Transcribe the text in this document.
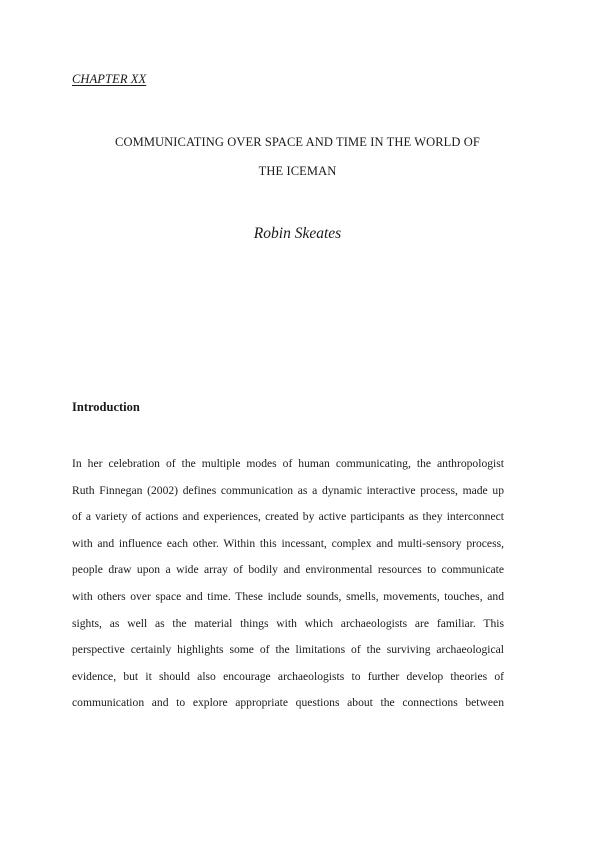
CHAPTER XX
COMMUNICATING OVER SPACE AND TIME IN THE WORLD OF
THE ICEMAN
Robin Skeates
Introduction
In her celebration of the multiple modes of human communicating, the anthropologist
Ruth Finnegan (2002) defines communication as a dynamic interactive process, made up
of a variety of actions and experiences, created by active participants as they interconnect
with and influence each other. Within this incessant, complex and multi-sensory process,
people draw upon a wide array of bodily and environmental resources to communicate
with others over space and time. These include sounds, smells, movements, touches, and
sights, as well as the material things with which archaeologists are familiar. This
perspective certainly highlights some of the limitations of the surviving archaeological
evidence, but it should also encourage archaeologists to further develop theories of
communication and to explore appropriate questions about the connections between
